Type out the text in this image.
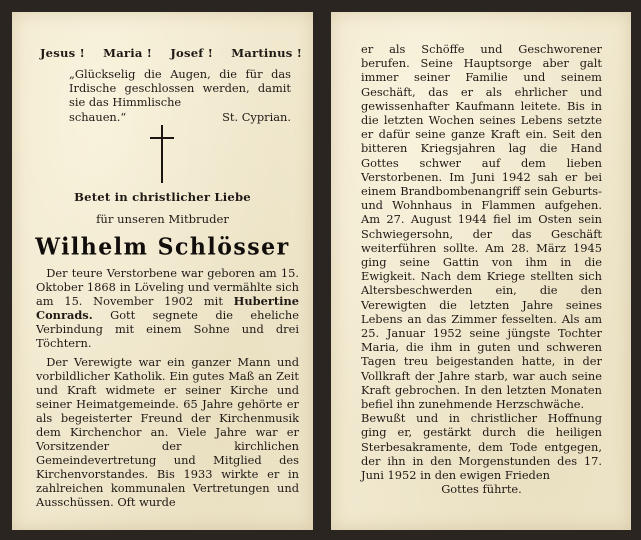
Jesus ! Maria ! Josef ! Martinus !
„Glückselig die Augen, die für das Irdische geschlossen werden, damit sie das Himmlische
schauen.“	St. Cyprian.
Betet in christlicher Liebe
für unseren Mitbruder
Wilhelm Schlösser

Der teure Verstorbene war geboren am 15. Oktober 1868 in Löveling und vermählte sich am 15. November 1902 mit Hubertine Conrads. Gott segnete die eheliche Verbindung mit einem Sohne und drei Töchtern.

Der Verewigte war ein ganzer Mann und vorbildlicher Katholik. Ein gutes Maß an Zeit und Kraft widmete er seiner Kirche und seiner Heimatgemeinde. 65 Jahre gehörte er als begeisterter Freund der Kirchenmusik dem Kirchenchor an. Viele Jahre war er Vorsitzender der kirchlichen Gemeindevertretung und Mitglied des Kirchenvorstandes. Bis 1933 wirkte er in zahlreichen kommunalen Vertretungen und Ausschüssen. Oft wurde

er als Schöffe und Geschworener berufen. Seine Hauptsorge aber galt immer seiner Familie und seinem Geschäft, das er als ehrlicher und gewissenhafter Kaufmann leitete. Bis in die letzten Wochen seines Lebens setzte er dafür seine ganze Kraft ein. Seit den bitteren Kriegsjahren lag die Hand Gottes schwer auf dem lieben Verstorbenen. Im Juni 1942 sah er bei einem Brandbombenangriff sein Geburts- und Wohnhaus in Flammen aufgehen. Am 27. August 1944 fiel im Osten sein Schwiegersohn, der das Geschäft weiterführen sollte. Am 28. März 1945 ging seine Gattin von ihm in die Ewigkeit. Nach dem Kriege stellten sich Altersbeschwerden ein, die den Verewigten die letzten Jahre seines Lebens an das Zimmer fesselten. Als am 25. Januar 1952 seine jüngste Tochter Maria, die ihm in guten und schweren Tagen treu beigestanden hatte, in der Vollkraft der Jahre starb, war auch seine Kraft gebrochen. In den letzten Monaten befiel ihn zunehmende Herzschwäche.

Bewußt und in christlicher Hoffnung ging er, gestärkt durch die heiligen Sterbesakramente, dem Tode entgegen, der ihn in den Morgenstunden des 17. Juni 1952 in den ewigen Frieden

Gottes führte.
